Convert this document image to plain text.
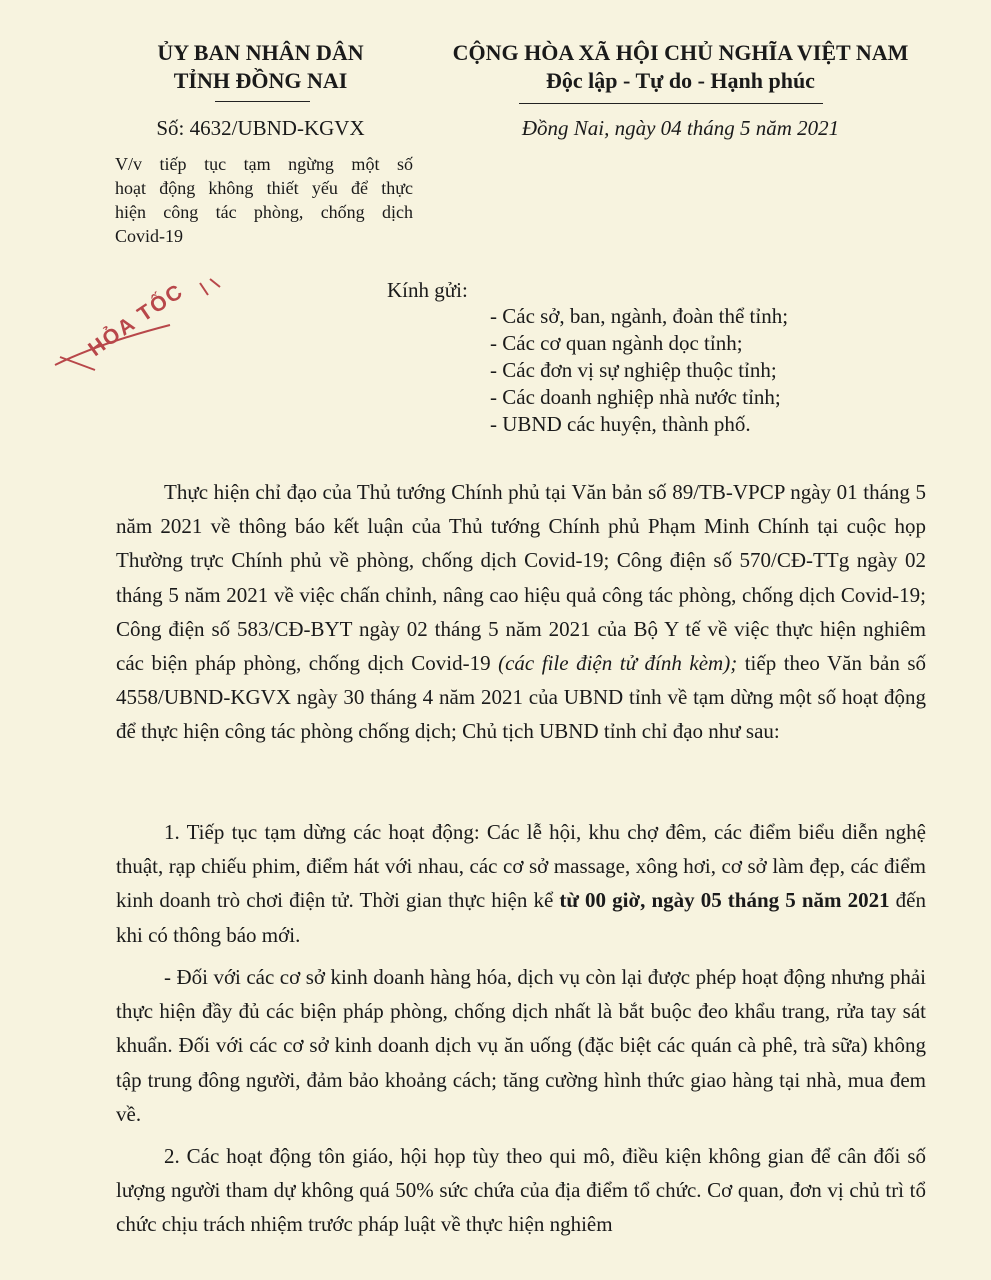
ỦY BAN NHÂN DÂN
TỈNH ĐỒNG NAI
CỘNG HÒA XÃ HỘI CHỦ NGHĨA VIỆT NAM
Độc lập - Tự do - Hạnh phúc
Số: 4632/UBND-KGVX	Đồng Nai, ngày 04 tháng 5 năm 2021
V/v tiếp tục tạm ngừng một số
hoạt động không thiết yếu để thực
hiện công tác phòng, chống dịch
Covid-19
HỎA TỐC	Kính gửi:
- Các sở, ban, ngành, đoàn thể tỉnh;
- Các cơ quan ngành dọc tỉnh;
- Các đơn vị sự nghiệp thuộc tỉnh;
- Các doanh nghiệp nhà nước tỉnh;
- UBND các huyện, thành phố.
Thực hiện chỉ đạo của Thủ tướng Chính phủ tại Văn bản số 89/TB-VPCP ngày 01 tháng 5 năm 2021 về thông báo kết luận của Thủ tướng Chính phủ Phạm Minh Chính tại cuộc họp Thường trực Chính phủ về phòng, chống dịch Covid-19; Công điện số 570/CĐ-TTg ngày 02 tháng 5 năm 2021 về việc chấn chỉnh, nâng cao hiệu quả công tác phòng, chống dịch Covid-19; Công điện số 583/CĐ-BYT ngày 02 tháng 5 năm 2021 của Bộ Y tế về việc thực hiện nghiêm các biện pháp phòng, chống dịch Covid-19 (các file điện tử đính kèm); tiếp theo Văn bản số 4558/UBND-KGVX ngày 30 tháng 4 năm 2021 của UBND tỉnh về tạm dừng một số hoạt động để thực hiện công tác phòng chống dịch; Chủ tịch UBND tỉnh chỉ đạo như sau:
1. Tiếp tục tạm dừng các hoạt động: Các lễ hội, khu chợ đêm, các điểm biểu diễn nghệ thuật, rạp chiếu phim, điểm hát với nhau, các cơ sở massage, xông hơi, cơ sở làm đẹp, các điểm kinh doanh trò chơi điện tử. Thời gian thực hiện kể từ 00 giờ, ngày 05 tháng 5 năm 2021 đến khi có thông báo mới.
- Đối với các cơ sở kinh doanh hàng hóa, dịch vụ còn lại được phép hoạt động nhưng phải thực hiện đầy đủ các biện pháp phòng, chống dịch nhất là bắt buộc đeo khẩu trang, rửa tay sát khuẩn. Đối với các cơ sở kinh doanh dịch vụ ăn uống (đặc biệt các quán cà phê, trà sữa) không tập trung đông người, đảm bảo khoảng cách; tăng cường hình thức giao hàng tại nhà, mua đem về.
2. Các hoạt động tôn giáo, hội họp tùy theo qui mô, điều kiện không gian để cân đối số lượng người tham dự không quá 50% sức chứa của địa điểm tổ chức. Cơ quan, đơn vị chủ trì tổ chức chịu trách nhiệm trước pháp luật về thực hiện nghiêm
